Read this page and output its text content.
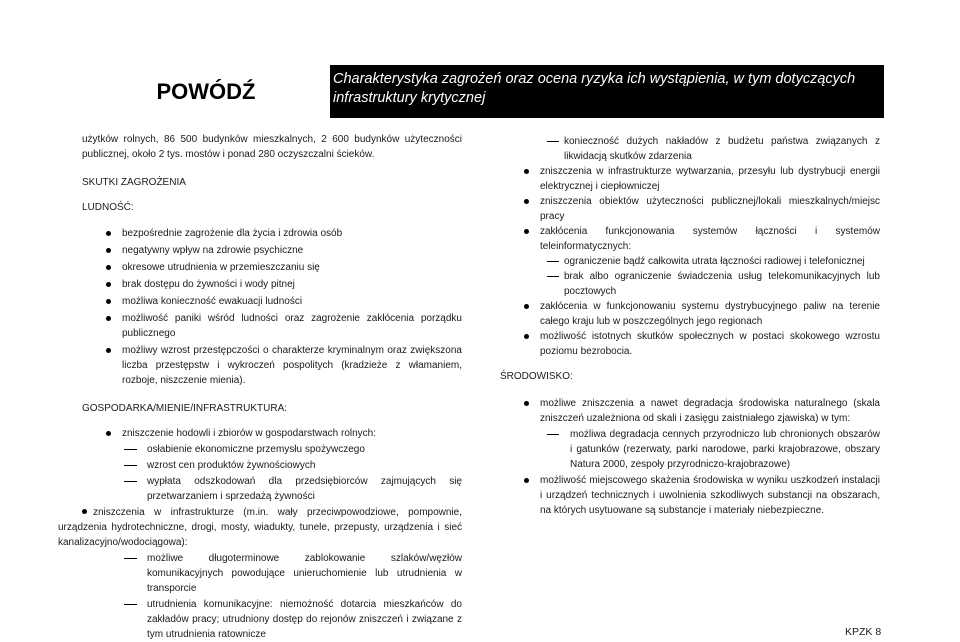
POWÓDŹ	Charakterystyka zagrożeń oraz ocena ryzyka ich wystąpienia, w tym dotyczących infrastruktury krytycznej

użytków rolnych, 86 500 budynków mieszkalnych, 2 600 budynków użyteczności publicznej, około 2 tys. mostów i ponad 280 oczyszczalni ścieków.

SKUTKI ZAGROŻENIA

LUDNOŚĆ:

bezpośrednie zagrożenie dla życia i zdrowia osób
negatywny wpływ na zdrowie psychiczne
okresowe utrudnienia w przemieszczaniu się
brak dostępu do żywności i wody pitnej
możliwa konieczność ewakuacji ludności
możliwość paniki wśród ludności oraz zagrożenie zakłócenia porządku publicznego
możliwy wzrost przestępczości o charakterze kryminalnym oraz zwiększona liczba przestępstw i wykroczeń pospolitych (kradzieże z włamaniem, rozboje, niszczenie mienia).

GOSPODARKA/MIENIE/INFRASTRUKTURA:

zniszczenie hodowli i zbiorów w gospodarstwach rolnych:
osłabienie ekonomiczne przemysłu spożywczego
wzrost cen produktów żywnościowych
wypłata odszkodowań dla przedsiębiorców zajmujących się przetwarzaniem i sprzedażą żywności

zniszczenia w infrastrukturze (m.in. wały przeciwpowodziowe, pompownie, urządzenia hydrotechniczne, drogi, mosty, wiadukty, tunele, przepusty, urządzenia i sieć kanalizacyjno/wodociągowa):

możliwe długoterminowe zablokowanie szlaków/węzłów komunikacyjnych powodujące unieruchomienie lub utrudnienia w transporcie
utrudnienia komunikacyjne: niemożność dotarcia mieszkańców do zakładów pracy; utrudniony dostęp do rejonów zniszczeń i związane z tym utrudnienia ratownicze
konieczność dużych nakładów z budżetu państwa związanych z likwidacją skutków zdarzenia
zniszczenia w infrastrukturze wytwarzania, przesyłu lub dystrybucji energii elektrycznej i ciepłowniczej
zniszczenia obiektów użyteczności publicznej/lokali mieszkalnych/miejsc pracy
zakłócenia funkcjonowania systemów łączności i systemów teleinformatycznych:
ograniczenie bądź całkowita utrata łączności radiowej i telefonicznej
brak albo ograniczenie świadczenia usług telekomunikacyjnych lub pocztowych
zakłócenia w funkcjonowaniu systemu dystrybucyjnego paliw na terenie całego kraju lub w poszczególnych jego regionach
możliwość istotnych skutków społecznych w postaci skokowego wzrostu poziomu bezrobocia.

ŚRODOWISKO:

możliwe zniszczenia a nawet degradacja środowiska naturalnego (skala zniszczeń uzależniona od skali i zasięgu zaistniałego zjawiska) w tym:
możliwa degradacja cennych przyrodniczo lub chronionych obszarów i gatunków (rezerwaty, parki narodowe, parki krajobrazowe, obszary Natura 2000, zespoły przyrodniczo-krajobrazowe)
możliwość miejscowego skażenia środowiska w wyniku uszkodzeń instalacji i urządzeń technicznych i uwolnienia szkodliwych substancji na obszarach, na których usytuowane są substancje i materiały niebezpieczne.
KPZK 8
